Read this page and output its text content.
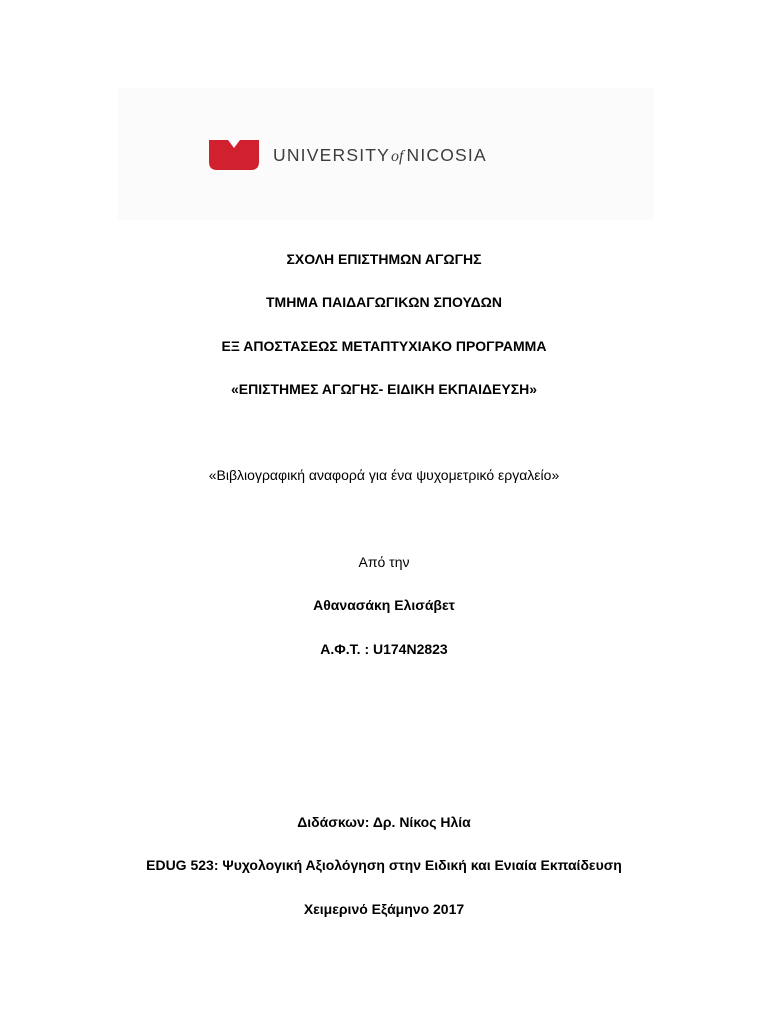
UNIVERSITY of NICOSIA
ΣΧΟΛΗ ΕΠΙΣΤΗΜΩΝ ΑΓΩΓΗΣ
ΤΜΗΜΑ ΠΑΙΔΑΓΩΓΙΚΩΝ ΣΠΟΥΔΩΝ
ΕΞ ΑΠΟΣΤΑΣΕΩΣ ΜΕΤΑΠΤΥΧΙΑΚΟ ΠΡΟΓΡΑΜΜΑ
«ΕΠΙΣΤΗΜΕΣ ΑΓΩΓΗΣ- ΕΙΔΙΚΗ ΕΚΠΑΙΔΕΥΣΗ»
«Βιβλιογραφική αναφορά για ένα ψυχομετρικό εργαλείο»
Από την
Αθανασάκη Ελισάβετ
Α.Φ.Τ. : U174N2823
Διδάσκων: Δρ. Νίκος Ηλία
EDUG 523: Ψυχολογική Αξιολόγηση στην Ειδική και Ενιαία Εκπαίδευση
Χειμερινό Εξάμηνο 2017
